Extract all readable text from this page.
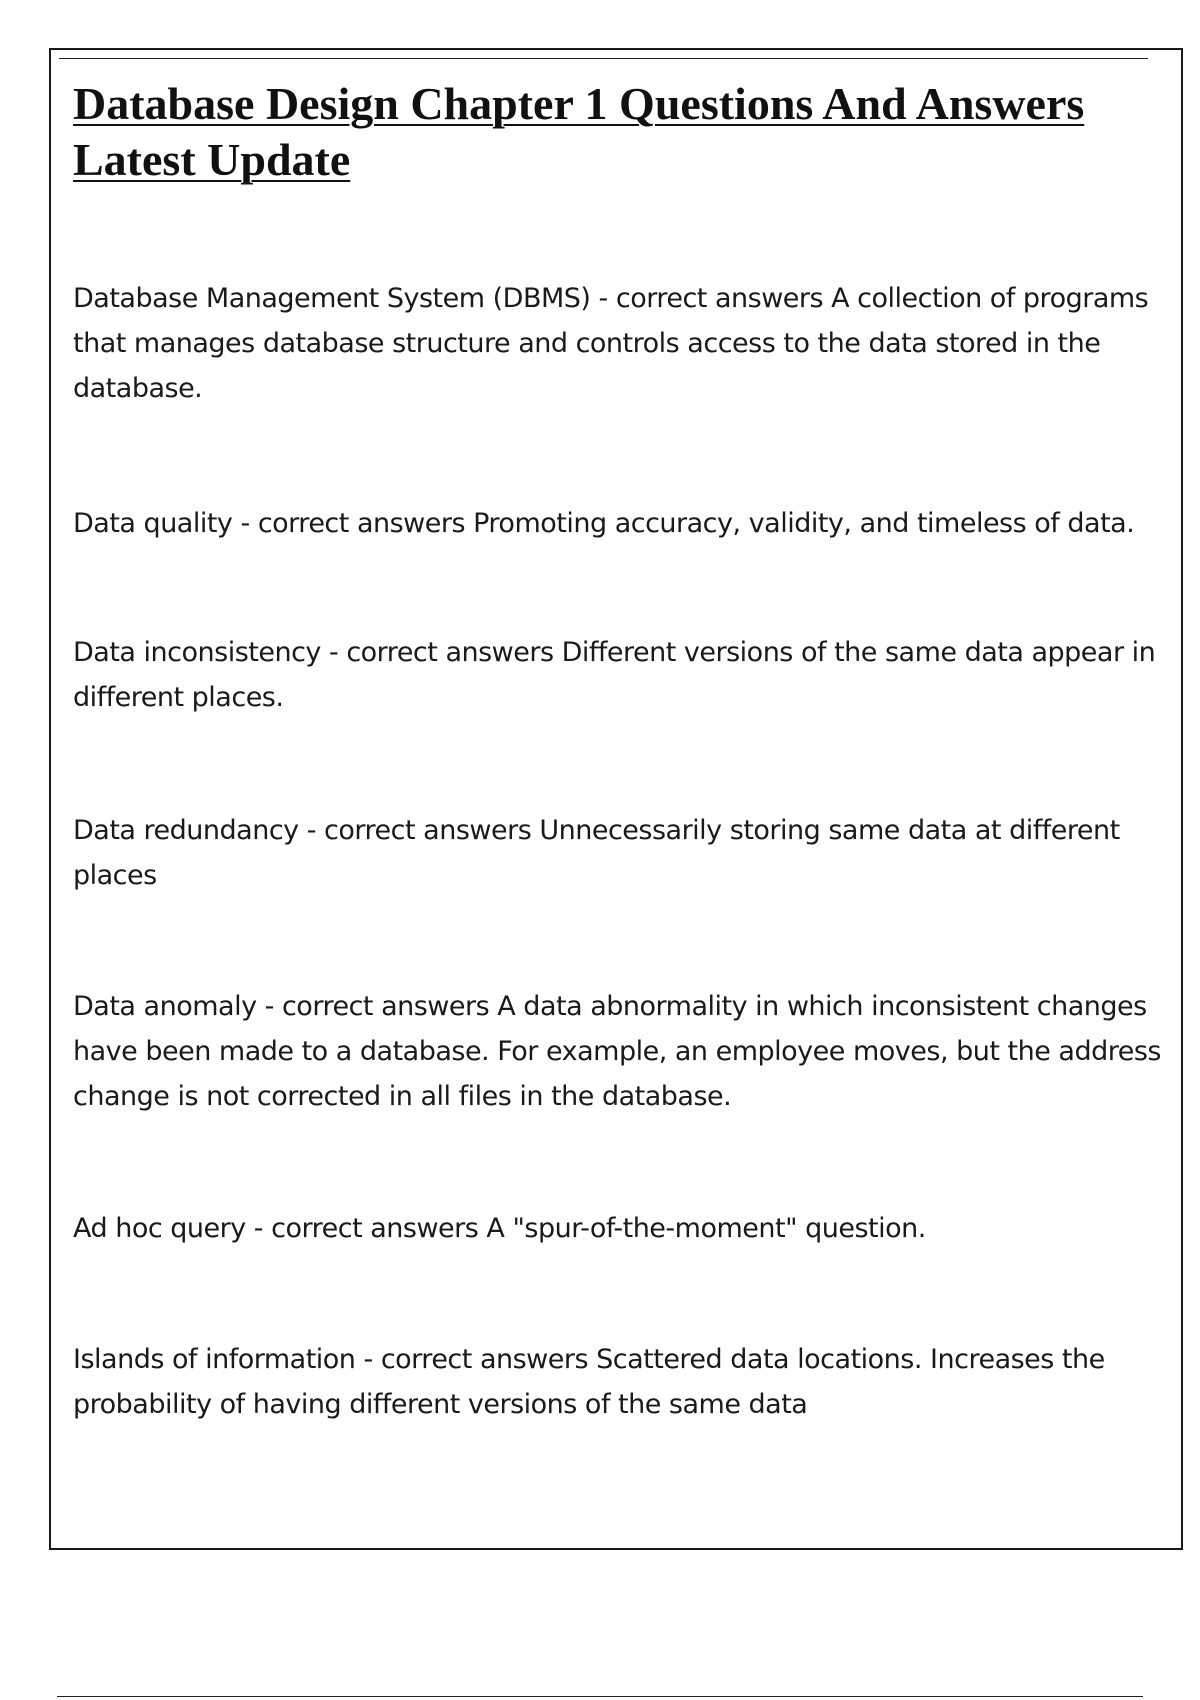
Database Design Chapter 1 Questions And Answers Latest Update

Database Management System (DBMS) - correct answers A collection of programs that manages database structure and controls access to the data stored in the database.

Data quality - correct answers Promoting accuracy, validity, and timeless of data.

Data inconsistency - correct answers Different versions of the same data appear in different places.

Data redundancy - correct answers Unnecessarily storing same data at different places

Data anomaly - correct answers A data abnormality in which inconsistent changes have been made to a database. For example, an employee moves, but the address change is not corrected in all files in the database.

Ad hoc query - correct answers A "spur-of-the-moment" question.

Islands of information - correct answers Scattered data locations. Increases the probability of having different versions of the same data
